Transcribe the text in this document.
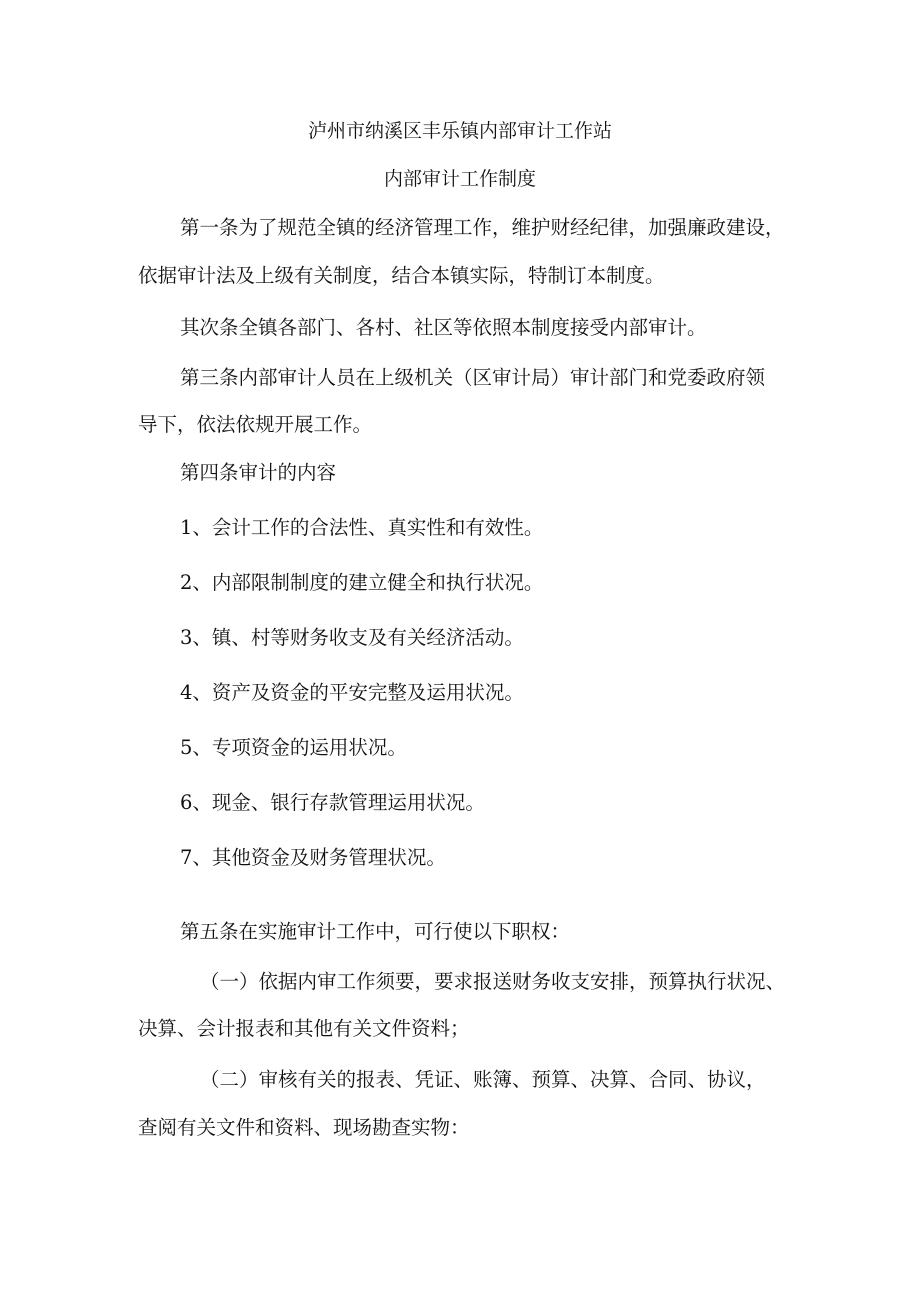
泸州市纳溪区丰乐镇内部审计工作站

内部审计工作制度

第一条为了规范全镇的经济管理工作，维护财经纪律，加强廉政建设，

依据审计法及上级有关制度，结合本镇实际，特制订本制度。

其次条全镇各部门、各村、社区等依照本制度接受内部审计。

第三条内部审计人员在上级机关（区审计局）审计部门和党委政府领

导下，依法依规开展工作。

第四条审计的内容

1、会计工作的合法性、真实性和有效性。

2、内部限制制度的建立健全和执行状况。

3、镇、村等财务收支及有关经济活动。

4、资产及资金的平安完整及运用状况。

5、专项资金的运用状况。

6、现金、银行存款管理运用状况。

7、其他资金及财务管理状况。

第五条在实施审计工作中，可行使以下职权：

（一）依据内审工作须要，要求报送财务收支安排，预算执行状况、

决算、会计报表和其他有关文件资料；

（二）审核有关的报表、凭证、账簿、预算、决算、合同、协议，

查阅有关文件和资料、现场勘查实物：
